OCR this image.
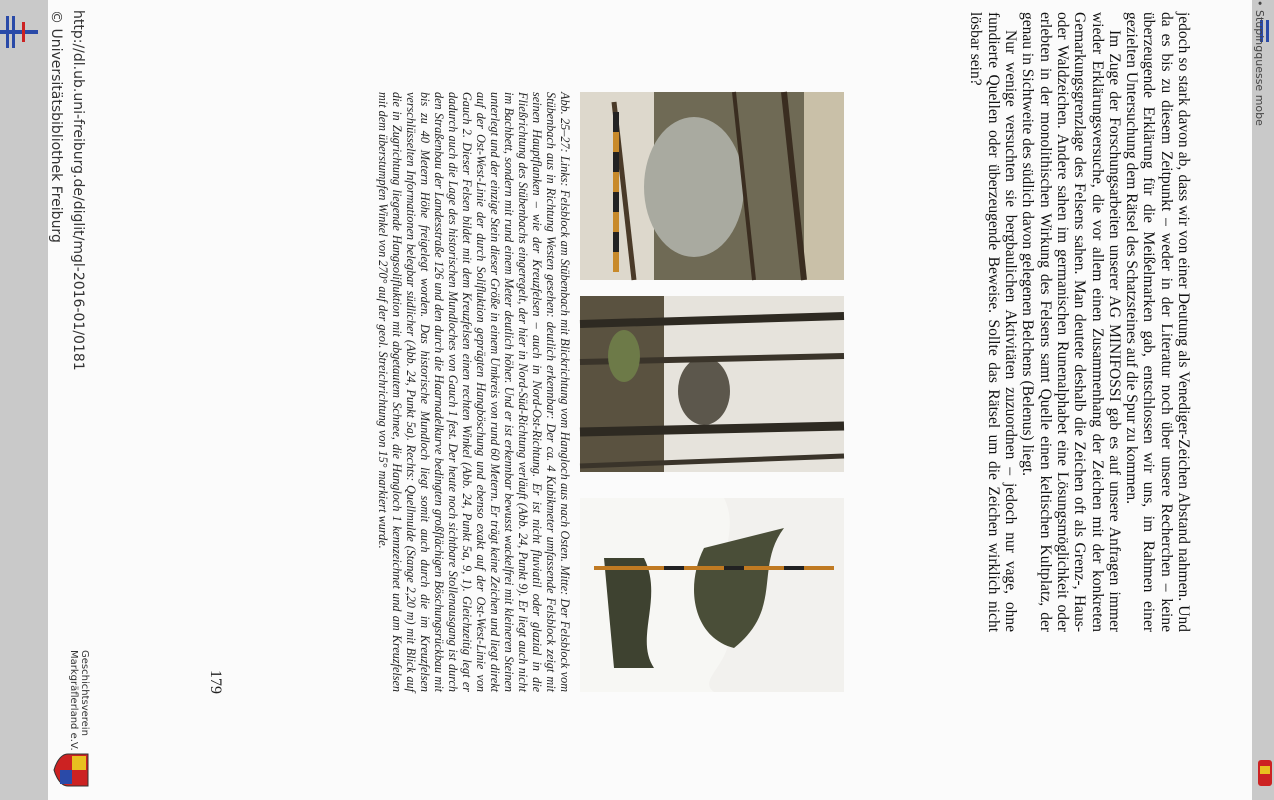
• Stupingquesse mobe

jedoch so stark davon ab, dass wir von einer Deutung als Venediger-Zeichen Abstand nahmen. Und da es bis zu diesem Zeitpunkt – weder in der Literatur noch über unsere Recherchen – keine überzeugende Erklärung für die Meißelmarken gab, entschlossen wir uns, im Rahmen einer gezielten Untersuchung dem Rätsel des Schatzsteines auf die Spur zu kommen.

Im Zuge der Forschungsarbeiten unserer AG MINIFOSSI gab es auf unsere Anfragen immer wieder Erklärungsversuche, die vor allem einen Zusammenhang der Zeichen mit der konkreten Gemarkungsgrenzlage des Felsens sahen. Man deutete deshalb die Zeichen oft als Grenz-, Haus- oder Waldzeichen. Andere sahen im germanischen Runenalphabet eine Lösungsmöglichkeit oder erlebten in der monolithischen Wirkung des Felsens samt Quelle einen keltischen Kultplatz, der genau in Sichtweite des südlich davon gelegenen Belchens (Belenus) liegt.

Nur wenige versuchten sie bergbaulichen Aktivitäten zuzuordnen – jedoch nur vage, ohne fundierte Quellen oder überzeugende Beweise. Sollte das Rätsel um die Zeichen wirklich nicht lösbar sein?

Abb. 25–27: Links: Felsblock am Stübenbach mit Blickrichtung vom Hangloch aus nach Osten. Mitte: Der Felsblock vom Stübenbach aus in Richtung Westen gesehen: deutlich erkennbar: Der ca. 4 Kubikmeter umfassende Felsblock zeigt mit seinen Hauptflanken – wie der Kreuzfelsen – auch in Nord-Ost-Richtung. Er ist nicht fluviatil oder glazial in die Fließrichtung des Stübenbachs eingeregelt, der hier in Nord-Süd-Richtung verläuft (Abb. 24, Punkt 9). Er liegt auch nicht im Bachbett, sondern mit rund einem Meter deutlich höher. Und er ist erkennbar bewusst wackelfrei mit kleineren Steinen unterlegt und der einzige Stein dieser Größe in einem Umkreis von rund 60 Metern. Er trägt keine Zeichen und liegt direkt auf der Ost-West-Linie der durch Solifluktion geprägten Hangböschung und ebenso exakt auf der Ost-West-Linie von Gauch 2. Dieser Felsen bildet mit dem Kreuzfelsen einen rechten Winkel (Abb. 24, Punkt 5a, 9, 1). Gleichzeitig legt er dadurch auch die Lage des historischen Mundloches von Gauch 1 fest. Der heute noch sichtbare Stollenausgang ist durch den Straßenbau der Landesstraße 126 und den durch die Haarnadelkurve bedingten großflächigen Böschungsrückbau mit bis zu 40 Metern Höhe freigelegt worden. Das historische Mundloch liegt somit auch durch die im Kreuzfelsen verschlüsselten Informationen belegbar südlicher (Abb. 24, Punkt 5a). Rechts: Quellmulde (Stange 2,20 m) mit Blick auf die in Zugrichtung liegende Hangsolifluktion mit abgetautem Schnee, die Hangloch 1 kennzeichnet und am Kreuzfelsen mit dem überstumpfen Winkel von 270° auf der geol. Streichrichtung von 15° markiert wurde.

179
http://dl.ub.uni-freiburg.de/diglit/mgl-2016-01/0181
© Universitätsbibliothek Freiburg
Geschichtsverein
Markgräflerland e.V.
